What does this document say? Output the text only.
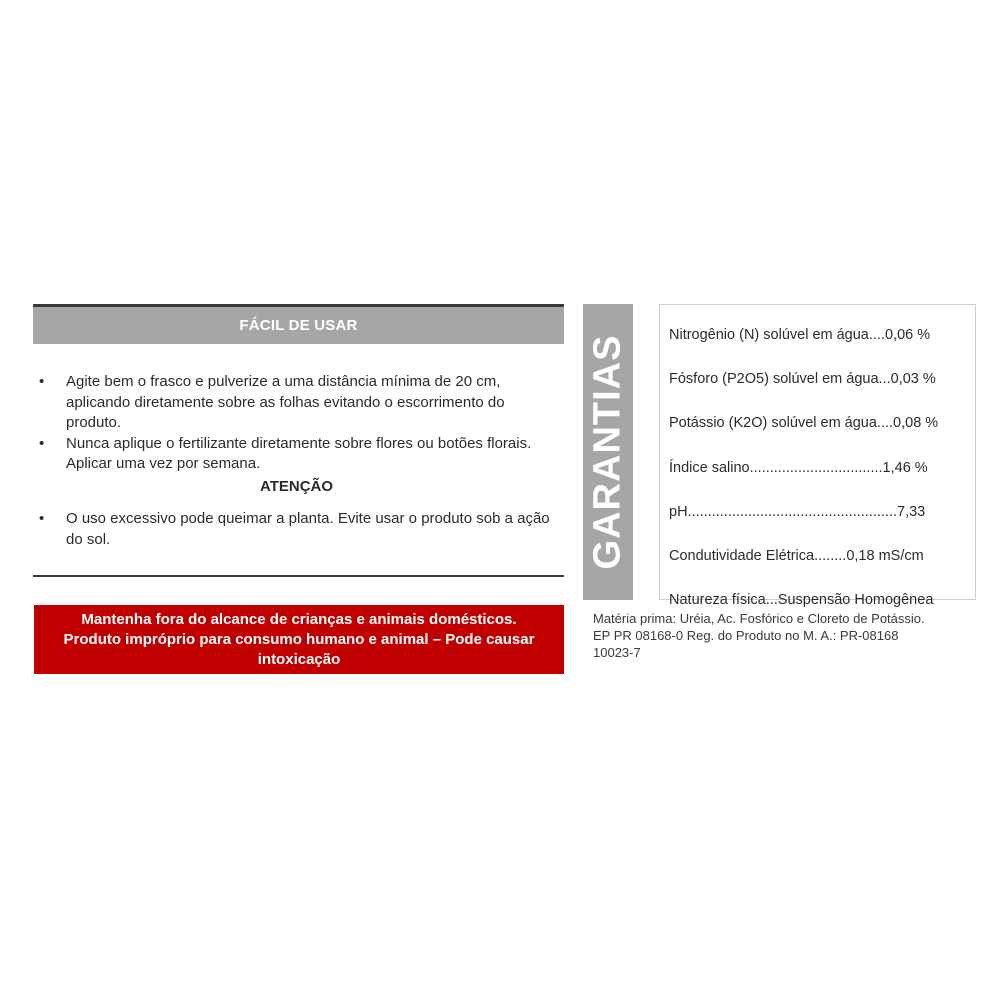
FÁCIL DE USAR
•	Agite bem o frasco e pulverize a uma distância mínima de 20 cm, aplicando diretamente sobre as folhas evitando o escorrimento do produto.
•	Nunca aplique o fertilizante diretamente sobre flores ou botões florais. Aplicar uma vez por semana.
ATENÇÃO
•	O uso excessivo pode queimar a planta. Evite usar o produto sob a ação do sol.
Mantenha fora do alcance de crianças e animais domésticos.
Produto impróprio para consumo humano e animal – Pode causar
intoxicação
GARANTIAS	Nitrogênio (N) solúvel em água....0,06 %
Fósforo (P2O5) solúvel em água...0,03 %
Potássio (K2O) solúvel em água....0,08 %
Índice salino.................................1,46 %
pH....................................................7,33
Condutividade Elétrica........0,18 mS/cm
Natureza física...Suspensão Homogênea
Matéria prima: Uréia, Ac. Fosfórico e Cloreto de Potássio.
EP PR 08168-0 Reg. do Produto no M. A.: PR-08168
10023-7
